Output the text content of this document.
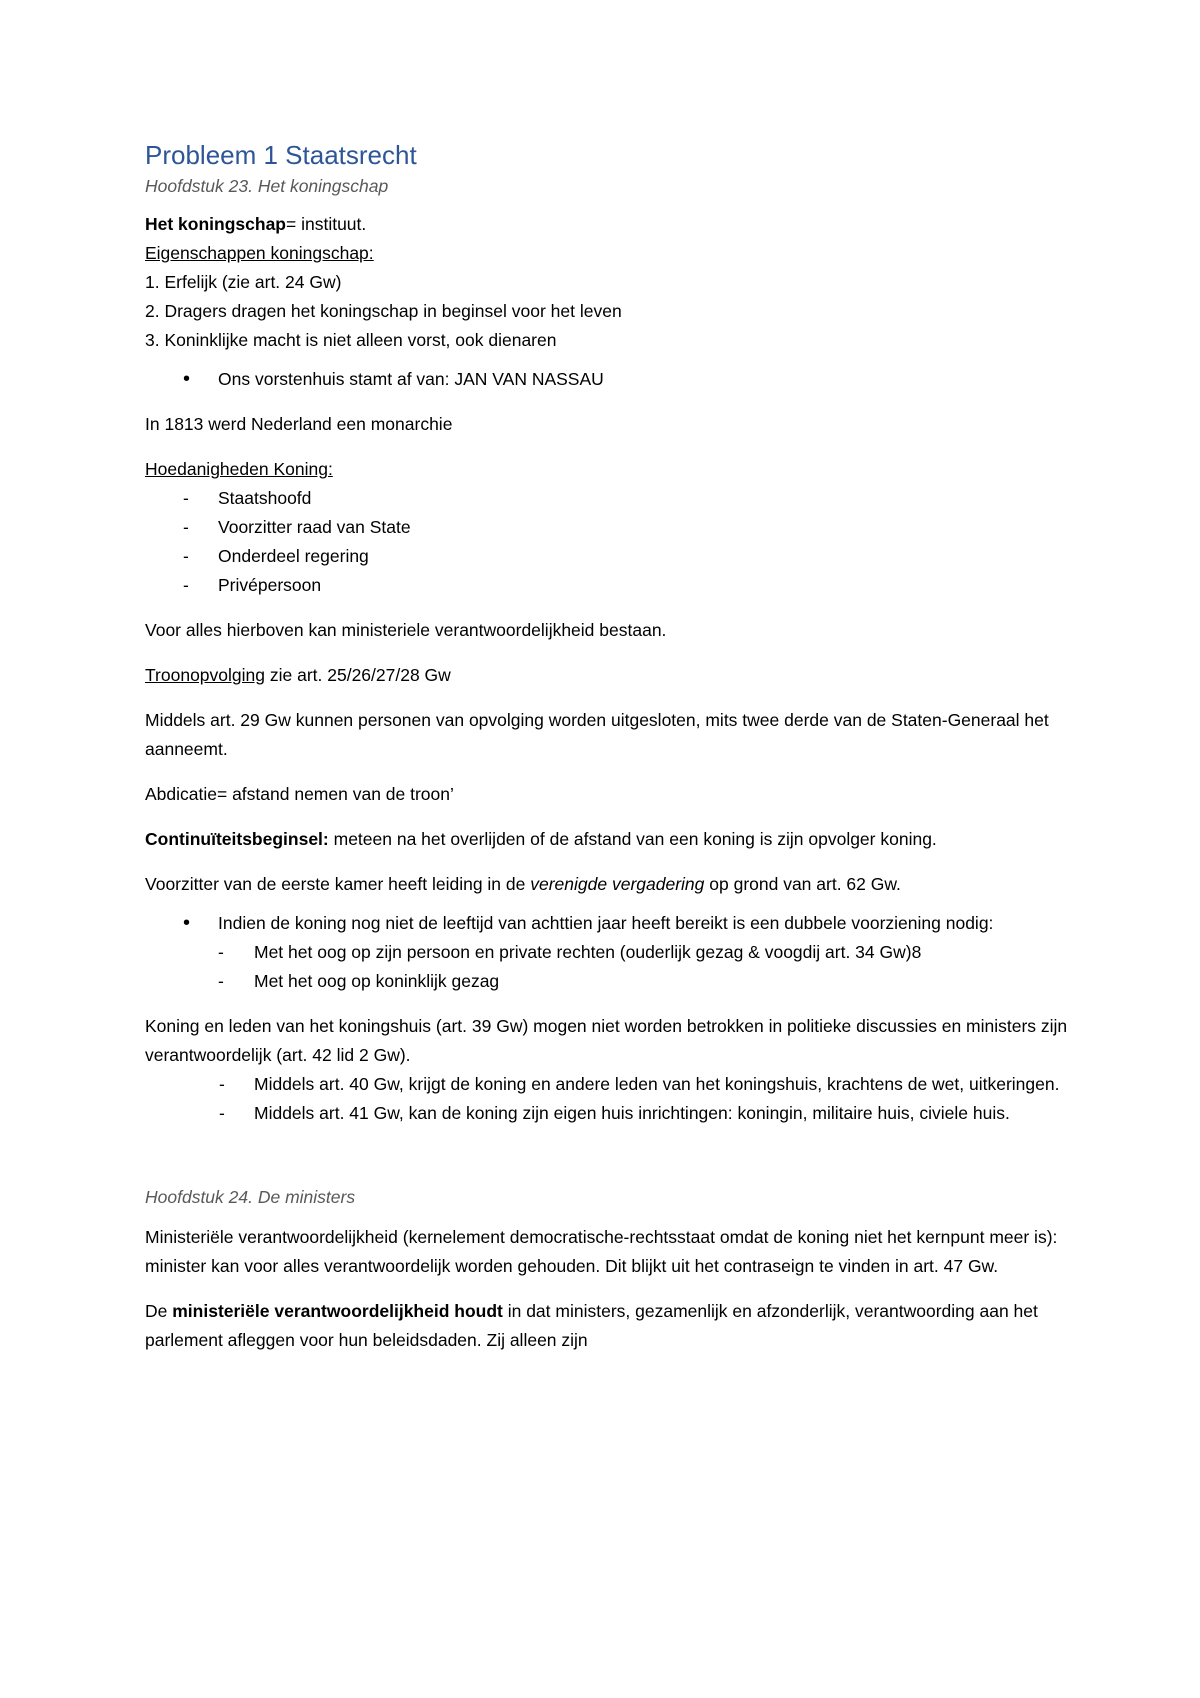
Probleem 1 Staatsrecht

Hoofdstuk 23. Het koningschap

Het koningschap= instituut.

Eigenschappen koningschap:

1. Erfelijk (zie art. 24 Gw)

2. Dragers dragen het koningschap in beginsel voor het leven

3. Koninklijke macht is niet alleen vorst, ook dienaren

• Ons vorstenhuis stamt af van: JAN VAN NASSAU

In 1813 werd Nederland een monarchie

Hoedanigheden Koning:

- Staatshoofd
- Voorzitter raad van State
- Onderdeel regering
- Privépersoon

Voor alles hierboven kan ministeriele verantwoordelijkheid bestaan.

Troonopvolging zie art. 25/26/27/28 Gw

Middels art. 29 Gw kunnen personen van opvolging worden uitgesloten, mits twee derde van de Staten-Generaal het aanneemt.

Abdicatie= afstand nemen van de troon’

Continuïteitsbeginsel: meteen na het overlijden of de afstand van een koning is zijn opvolger koning.

Voorzitter van de eerste kamer heeft leiding in de verenigde vergadering op grond van art. 62 Gw.

• Indien de koning nog niet de leeftijd van achttien jaar heeft bereikt is een dubbele voorziening nodig:
- Met het oog op zijn persoon en private rechten (ouderlijk gezag & voogdij art. 34 Gw)8
- Met het oog op koninklijk gezag

Koning en leden van het koningshuis (art. 39 Gw) mogen niet worden betrokken in politieke discussies en ministers zijn verantwoordelijk (art. 42 lid 2 Gw).

- Middels art. 40 Gw, krijgt de koning en andere leden van het koningshuis, krachtens de wet, uitkeringen.
- Middels art. 41 Gw, kan de koning zijn eigen huis inrichtingen: koningin, militaire huis, civiele huis.

Hoofdstuk 24. De ministers

Ministeriële verantwoordelijkheid (kernelement democratische-rechtsstaat omdat de koning niet het kernpunt meer is): minister kan voor alles verantwoordelijk worden gehouden. Dit blijkt uit het contraseign te vinden in art. 47 Gw.

De ministeriële verantwoordelijkheid houdt in dat ministers, gezamenlijk en afzonderlijk, verantwoording aan het parlement afleggen voor hun beleidsdaden. Zij alleen zijn
